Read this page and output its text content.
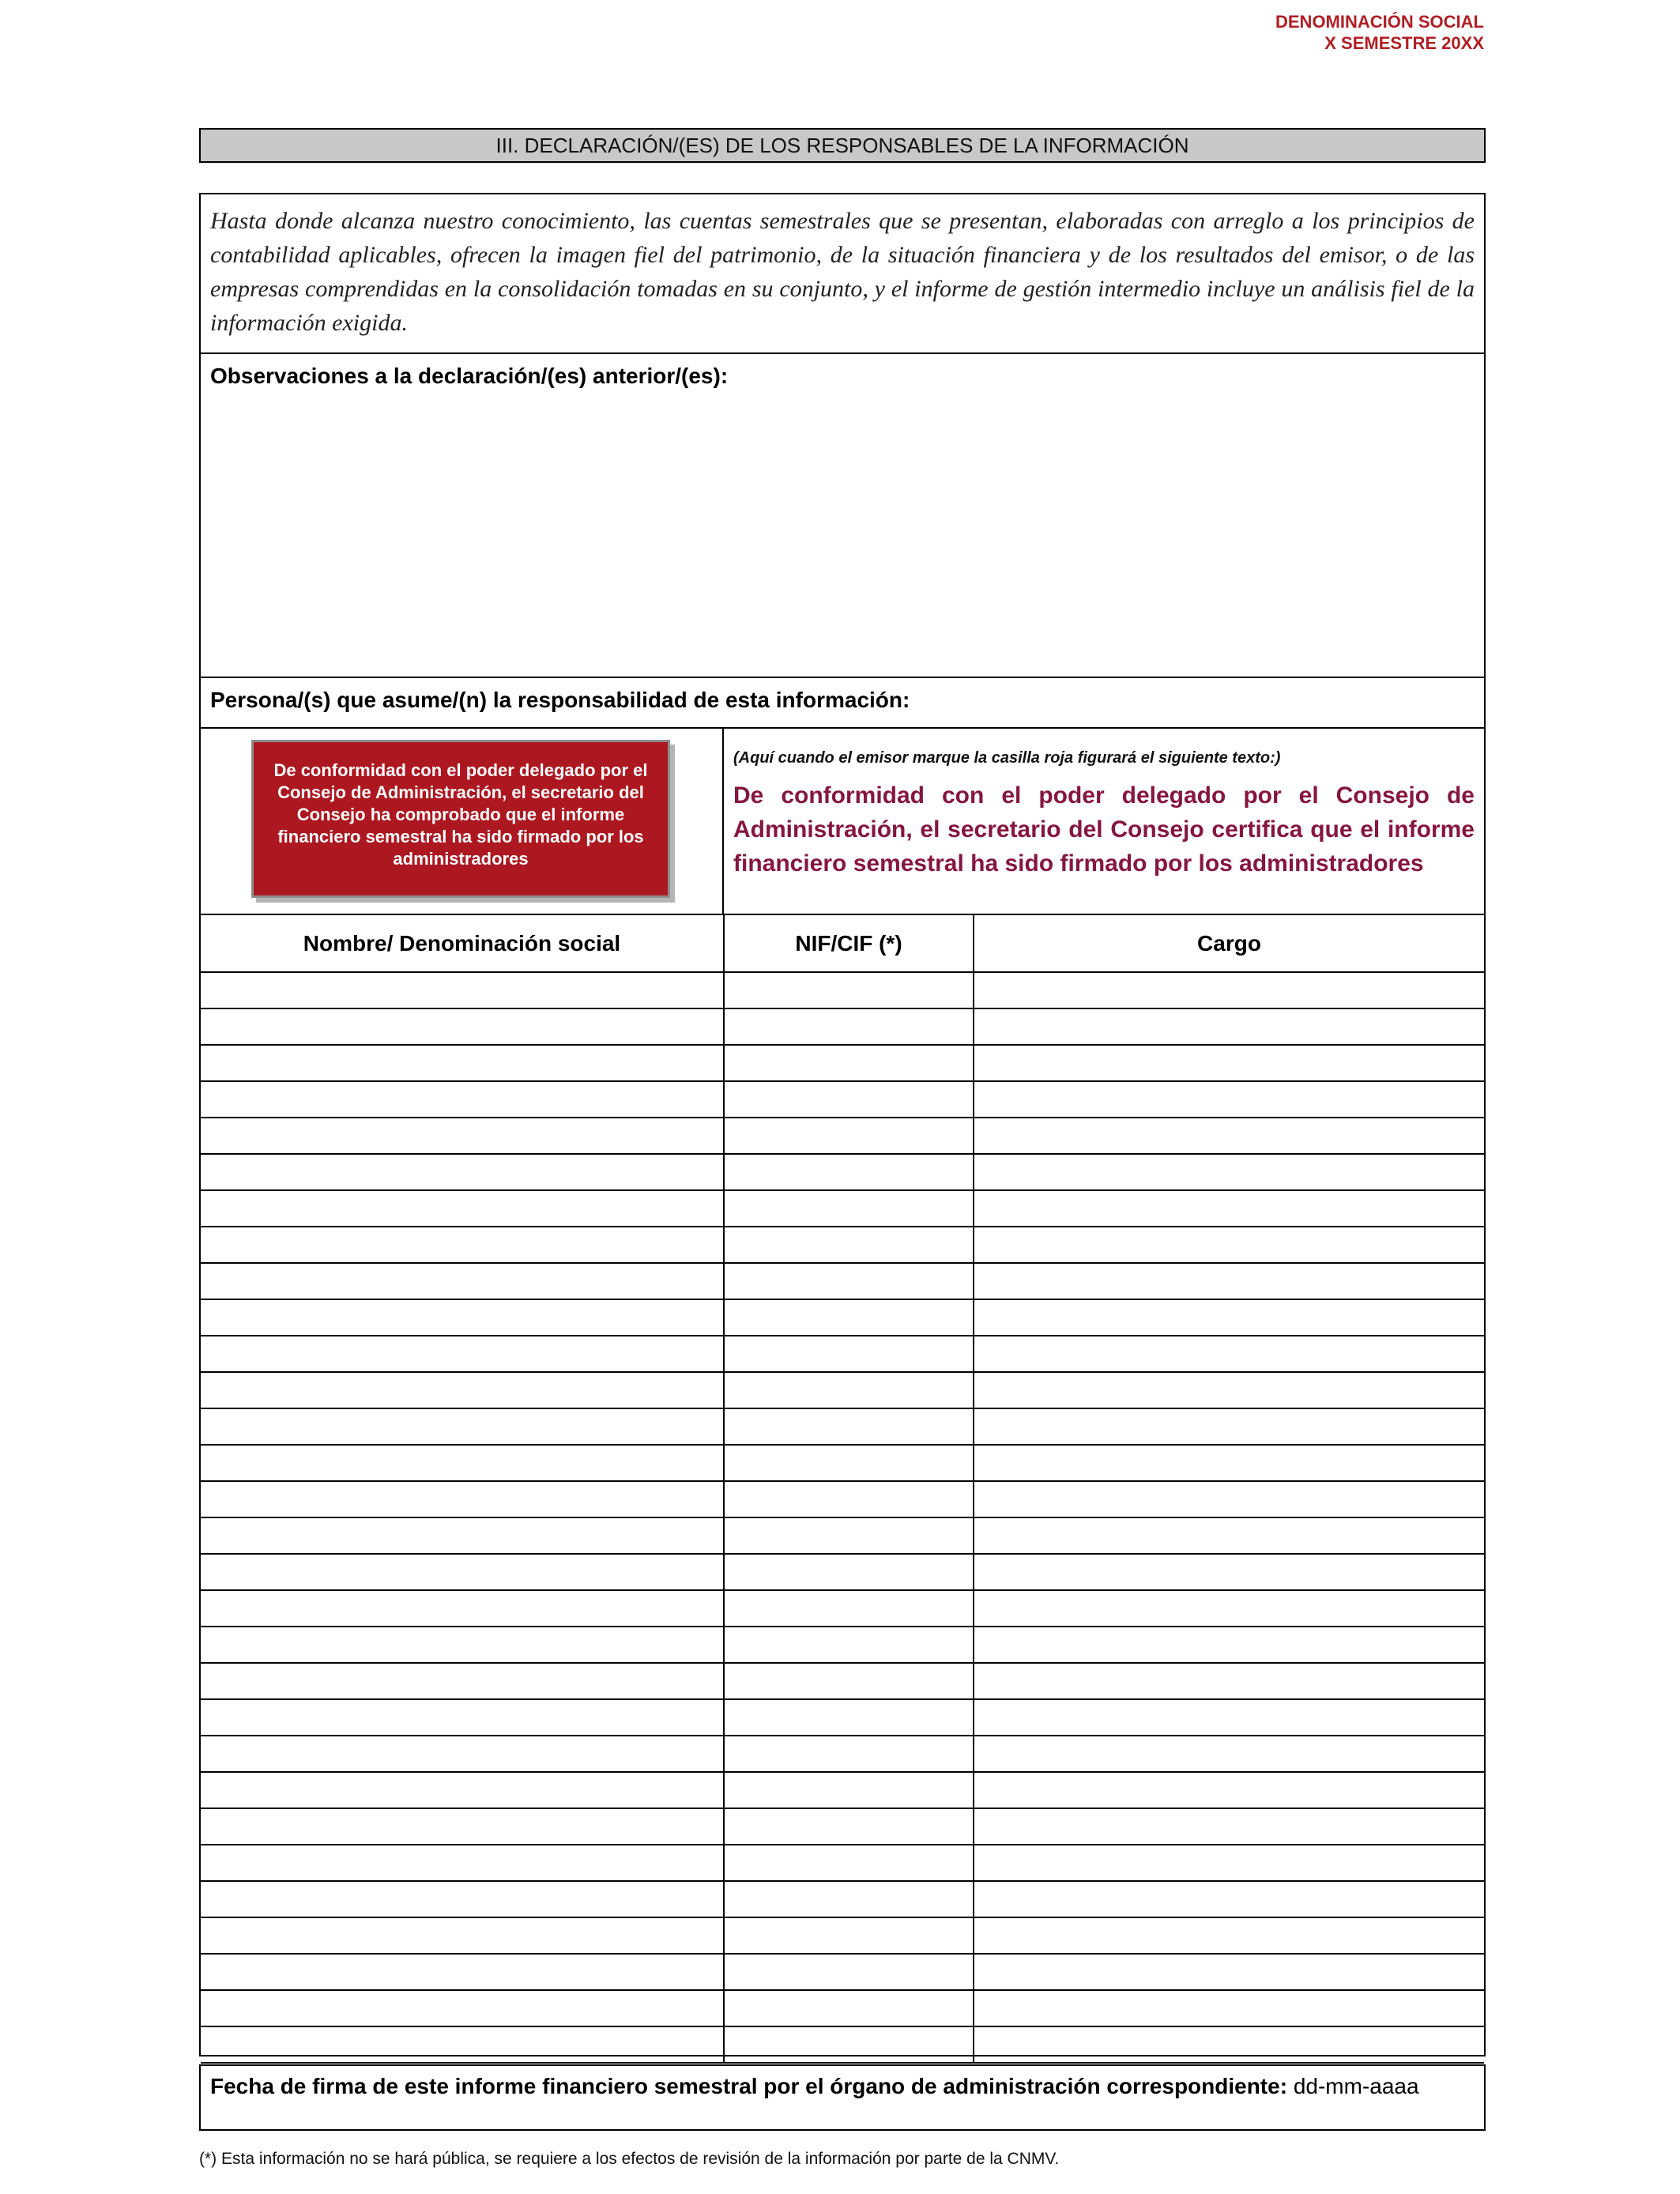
DENOMINACIÓN SOCIAL
X SEMESTRE 20XX
III. DECLARACIÓN/(ES) DE LOS RESPONSABLES DE LA INFORMACIÓN
Hasta donde alcanza nuestro conocimiento, las cuentas semestrales que se presentan, elaboradas con arreglo a los principios de contabilidad aplicables, ofrecen la imagen fiel del patrimonio, de la situación financiera y de los resultados del emisor, o de las empresas comprendidas en la consolidación tomadas en su conjunto, y el informe de gestión intermedio incluye un análisis fiel de la información exigida.
Observaciones a la declaración/(es) anterior/(es):
Persona/(s) que asume/(n) la responsabilidad de esta información:
De conformidad con el poder delegado por el Consejo de Administración, el secretario del Consejo ha comprobado que el informe financiero semestral ha sido firmado por los administradores
(Aquí cuando el emisor marque la casilla roja figurará el siguiente texto:)
De conformidad con el poder delegado por el Consejo de Administración, el secretario del Consejo certifica que el informe financiero semestral ha sido firmado por los administradores
Nombre/ Denominación social	NIF/CIF (*)	Cargo

Fecha de firma de este informe financiero semestral por el órgano de administración correspondiente: dd-mm-aaaa
(*) Esta información no se hará pública, se requiere a los efectos de revisión de la información por parte de la CNMV.
